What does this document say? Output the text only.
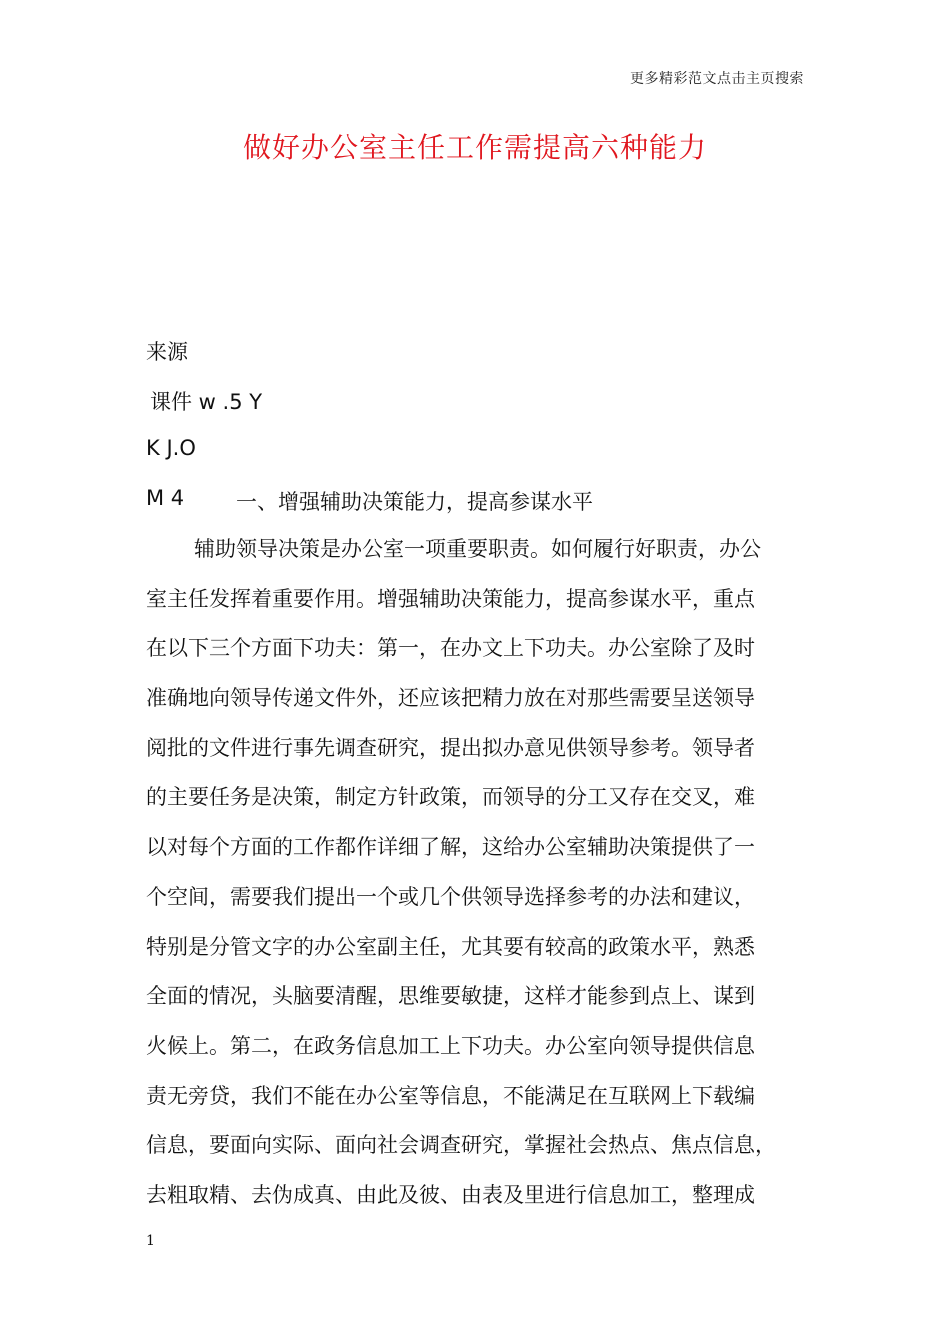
更多精彩范文点击主页搜索
做好办公室主任工作需提高六种能力
来源
课件 w .5 Y
K J.O
M 4 一、增强辅助决策能力，提高参谋水平
辅助领导决策是办公室一项重要职责。如何履行好职责，办公
室主任发挥着重要作用。增强辅助决策能力，提高参谋水平，重点
在以下三个方面下功夫：第一，在办文上下功夫。办公室除了及时
准确地向领导传递文件外，还应该把精力放在对那些需要呈送领导
阅批的文件进行事先调查研究，提出拟办意见供领导参考。领导者
的主要任务是决策，制定方针政策，而领导的分工又存在交叉，难
以对每个方面的工作都作详细了解，这给办公室辅助决策提供了一
个空间，需要我们提出一个或几个供领导选择参考的办法和建议，
特别是分管文字的办公室副主任，尤其要有较高的政策水平，熟悉
全面的情况，头脑要清醒，思维要敏捷，这样才能参到点上、谋到
火候上。第二，在政务信息加工上下功夫。办公室向领导提供信息
责无旁贷，我们不能在办公室等信息，不能满足在互联网上下载编
信息，要面向实际、面向社会调查研究，掌握社会热点、焦点信息，
去粗取精、去伪成真、由此及彼、由表及里进行信息加工，整理成
1
